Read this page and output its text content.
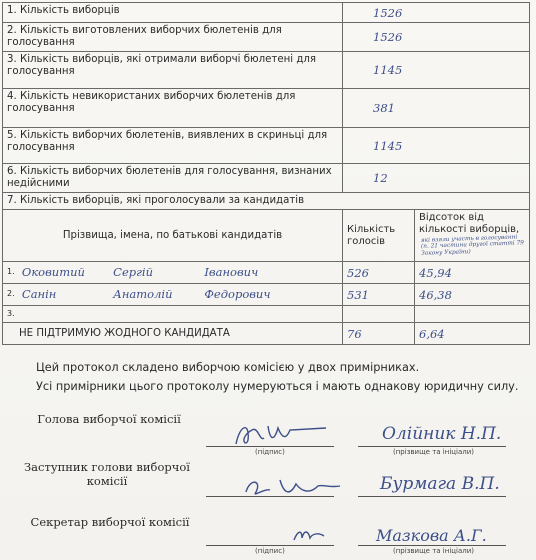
1. Кількість виборців	1526	
2. Кількість виготовлених виборчих бюлетенів для голосування	1526	
3. Кількість виборців, які отримали виборчі бюлетені для голосування	1145	
4. Кількість невикористаних виборчих бюлетенів для голосування	381	
5. Кількість виборчих бюлетенів, виявлених в скриньці для голосування	1145	
6. Кількість виборчих бюлетенів для голосування, визнаних недійсними	12	
7. Кількість виборців, які проголосували за кандидатів		
Прізвища, імена, по батькові кандидатів	Кількість голосів	Відсоток від кількості виборців,
які взяли участь в голосуванні (п. 21 частини другої статті 79 Закону України)

$^{1.}$ Оковитий Сергій Іванович	526	45,94
$^{2.}$ Санін Анатолій Федорович	531	46,38
$^{3.}$		
НЕ ПІДТРИМУЮ ЖОДНОГО КАНДИДАТА	76	6,64
Цей протокол складено виборчою комісією у двох примірниках.
Усі примірники цього протоколу нумеруються і мають однакову юридичну силу.
Голова виборчої комісії
Олійник Н.П.
(підпис)	(прізвище та ініціали)
Заступник голови виборчої комісії	Бурмага В.П.
Секретар виборчої комісії
Мазкова А.Г.
(підпис)	(прізвище та ініціали)
